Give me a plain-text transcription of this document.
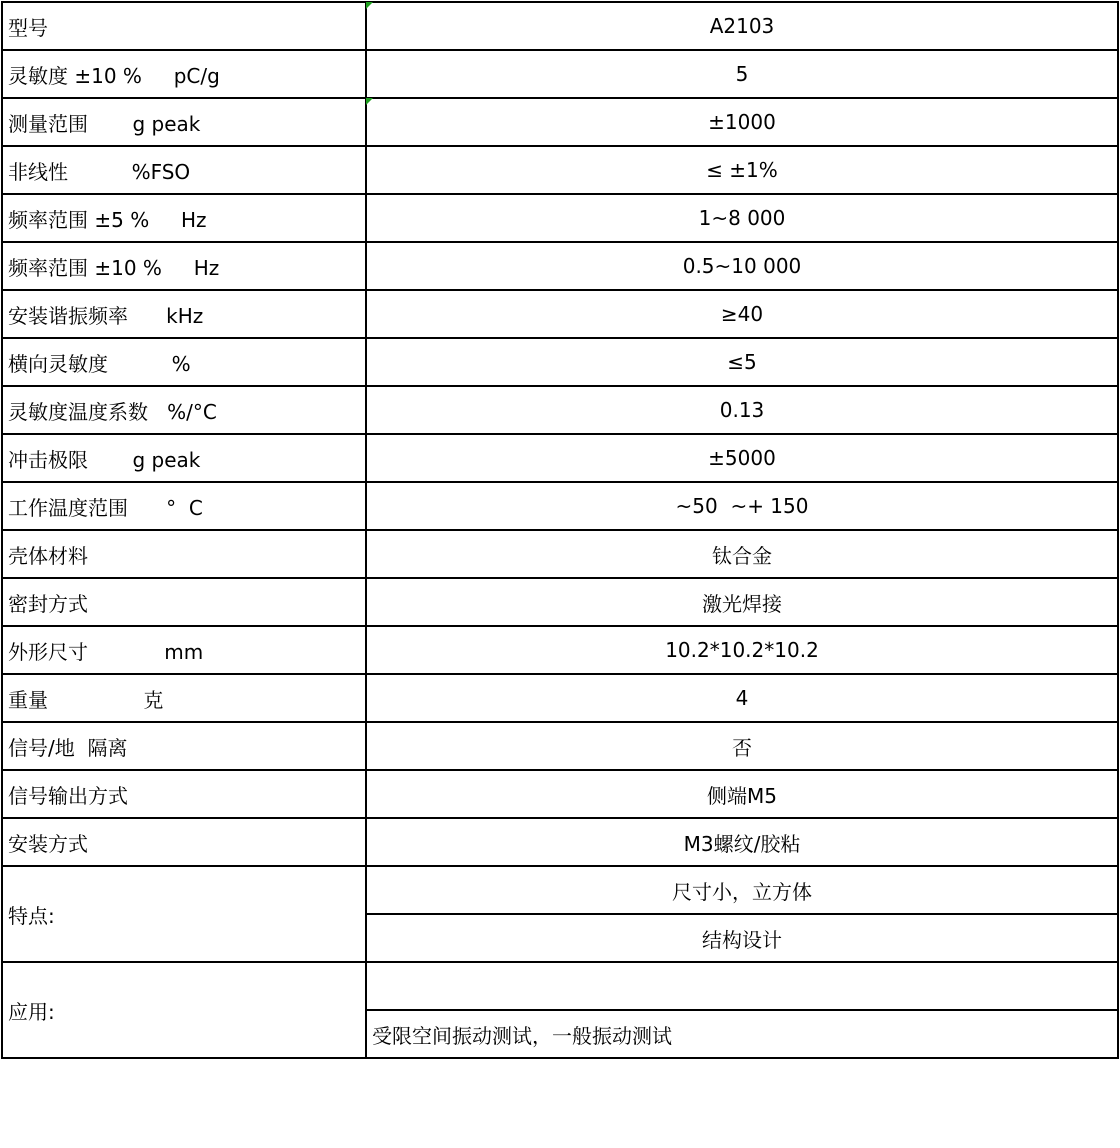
型号	A2103
灵敏度 ±10 %     pC/g	5
测量范围       g peak	±1000
非线性          %FSO	≤ ±1%
频率范围 ±5 %     Hz	1~8 000
频率范围 ±10 %     Hz	0.5~10 000
安装谐振频率      kHz	≥40
横向灵敏度          %	≤5
灵敏度温度系数   %/°C	0.13
冲击极限       g peak	±5000
工作温度范围      °  C	~50  ~+ 150
壳体材料	钛合金
密封方式	激光焊接
外形尺寸            mm	10.2*10.2*10.2
重量               克	4
信号/地  隔离	否
信号输出方式	侧端M5
安装方式	M3螺纹/胶粘
特点:	尺寸小，立方体
	结构设计
应用:	
	受限空间振动测试，一般振动测试
